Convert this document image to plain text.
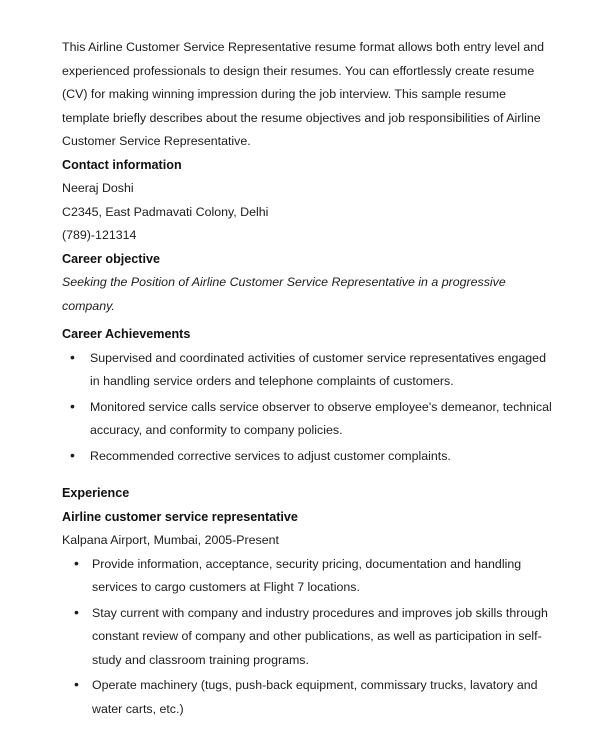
This Airline Customer Service Representative resume format allows both entry level and experienced professionals to design their resumes. You can effortlessly create resume (CV) for making winning impression during the job interview. This sample resume template briefly describes about the resume objectives and job responsibilities of Airline Customer Service Representative.

Contact information

Neeraj Doshi

C2345, East Padmavati Colony, Delhi

(789)-121314

Career objective

Seeking the Position of Airline Customer Service Representative in a progressive company.

Career Achievements
• Supervised and coordinated activities of customer service representatives engaged in handling service orders and telephone complaints of customers.
• Monitored service calls service observer to observe employee's demeanor, technical accuracy, and conformity to company policies.
• Recommended corrective services to adjust customer complaints.
Experience
Airline customer service representative

Kalpana Airport, Mumbai, 2005-Present

• Provide information, acceptance, security pricing, documentation and handling services to cargo customers at Flight 7 locations.
• Stay current with company and industry procedures and improves job skills through constant review of company and other publications, as well as participation in self-study and classroom training programs.
• Operate machinery (tugs, push-back equipment, commissary trucks, lavatory and water carts, etc.)
